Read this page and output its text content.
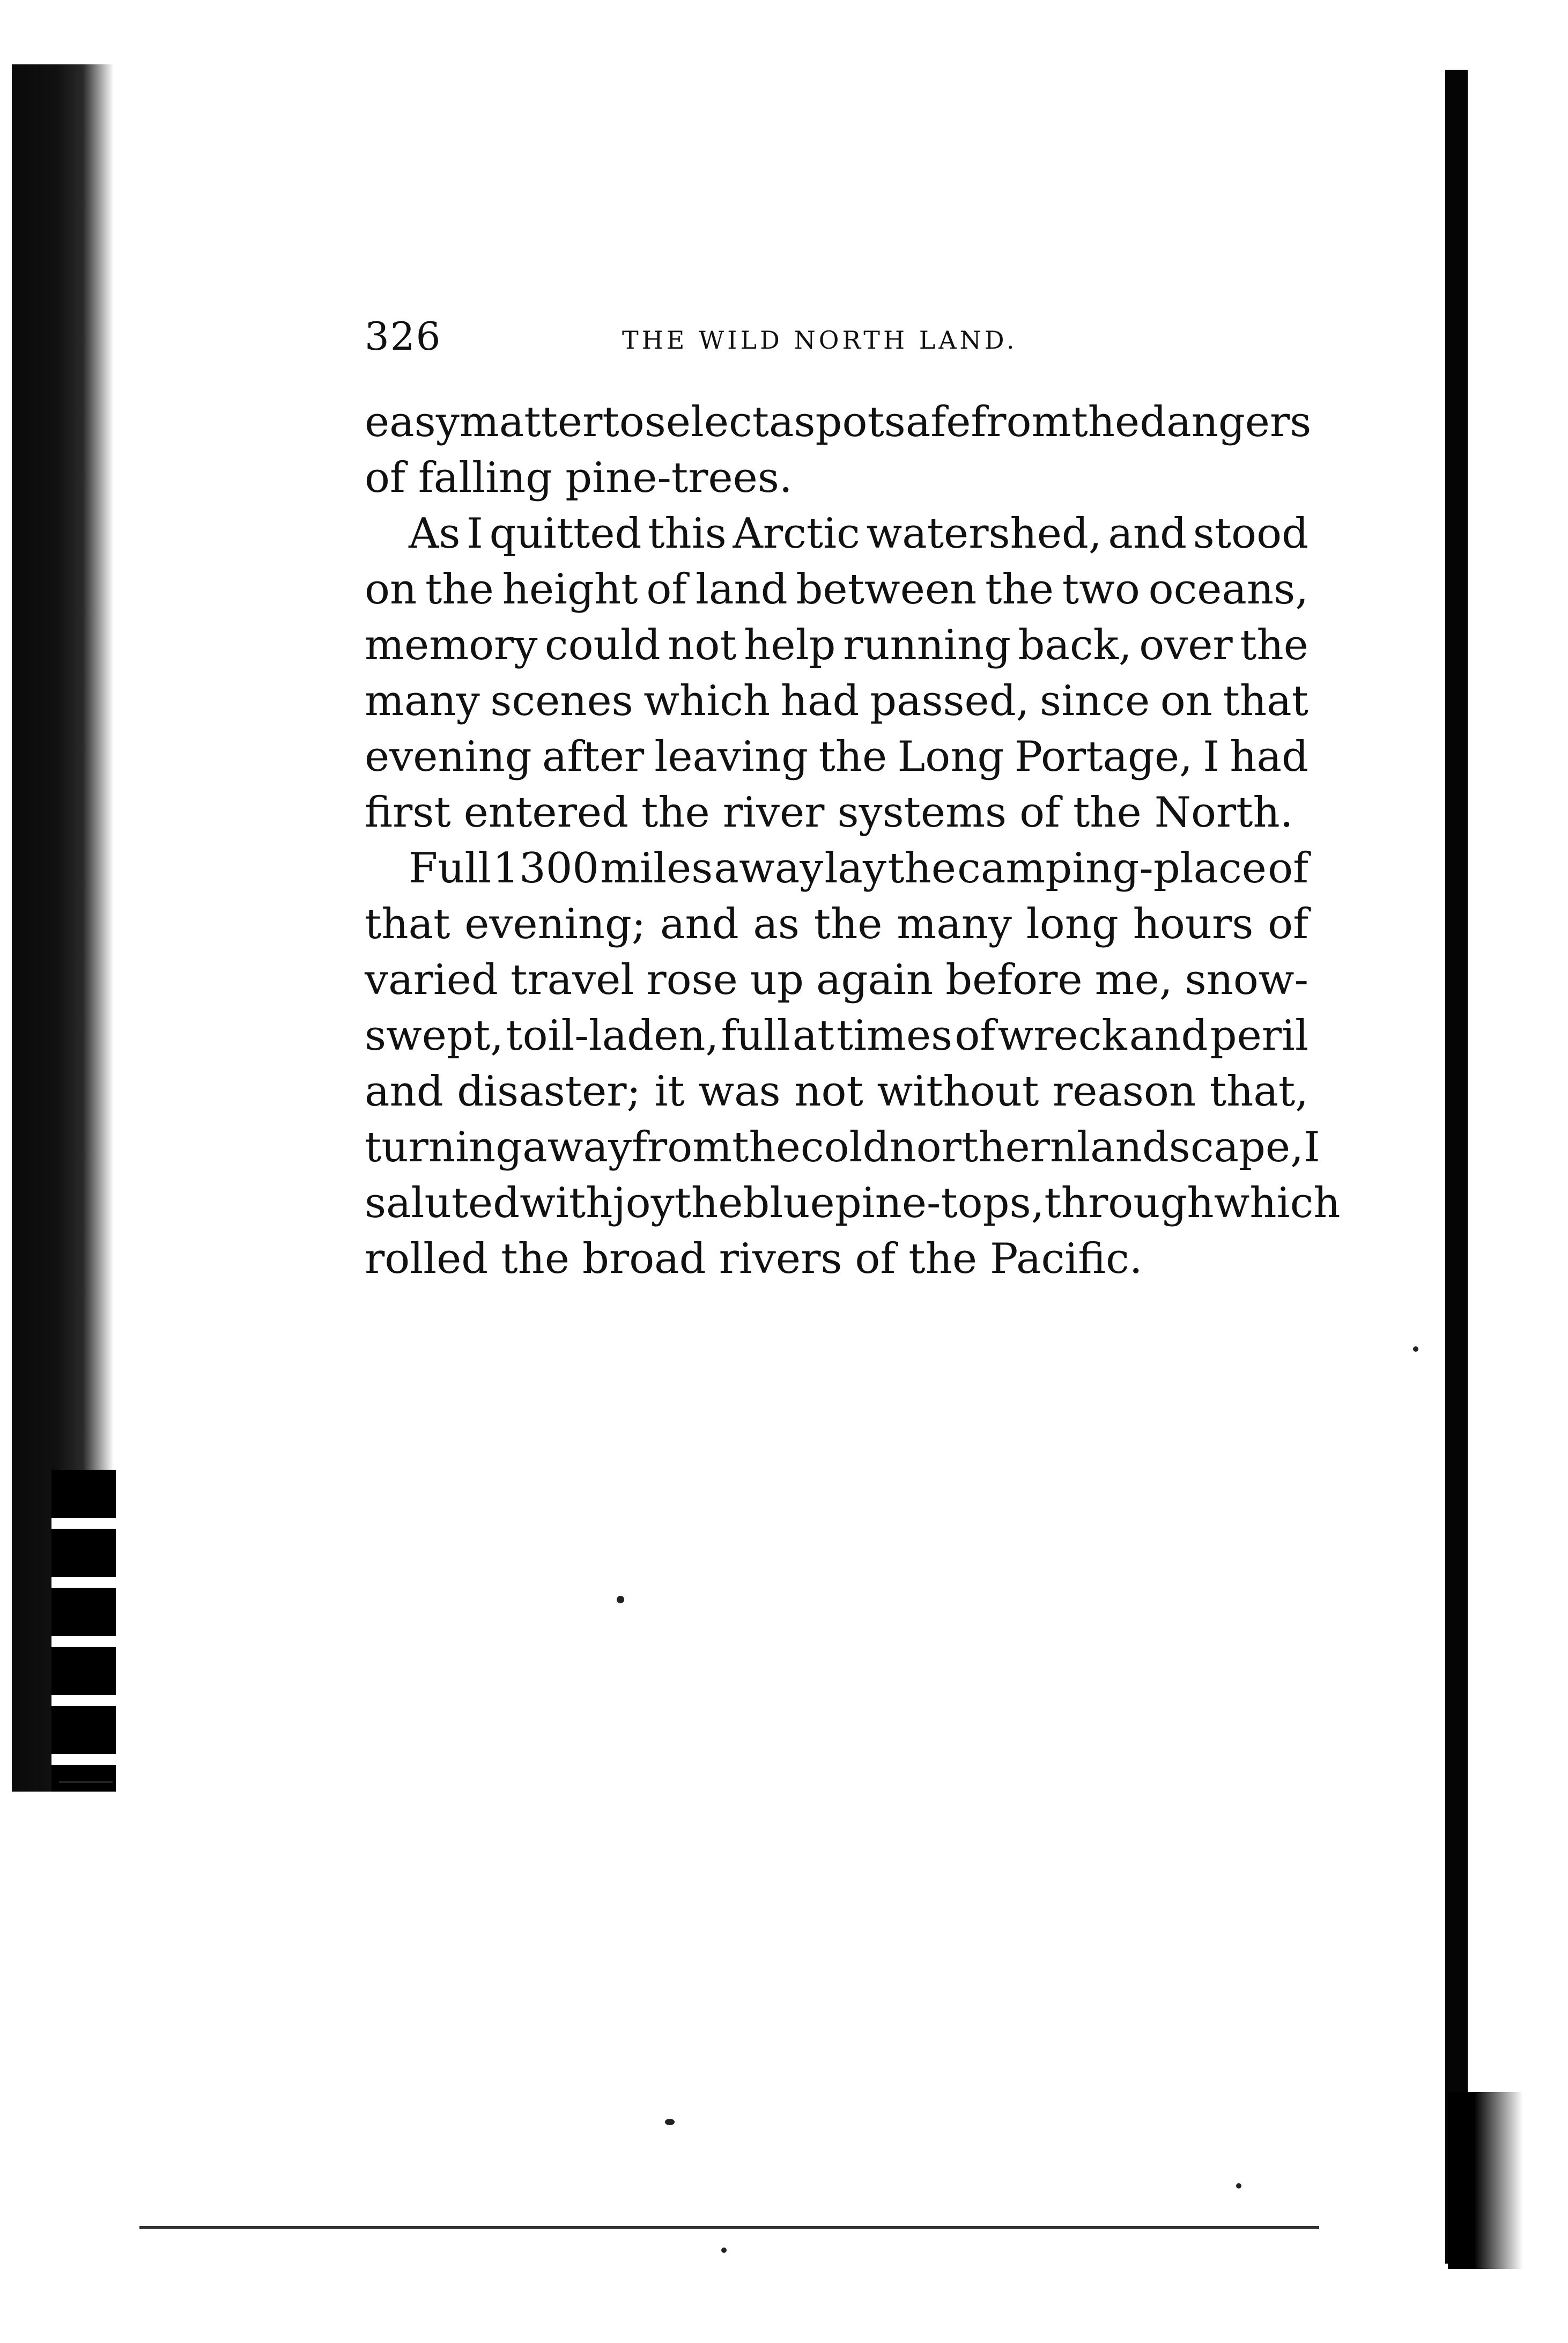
326	THE WILD NORTH LAND.
easy matter to select a spot safe from the dangers
of falling pine-trees.
As I quitted this Arctic watershed, and stood
on the height of land between the two oceans,
memory could not help running back, over the
many scenes which had passed, since on that
evening after leaving the Long Portage, I had
first entered the river systems of the North.
Full 1300 miles away lay the camping-place of
that evening; and as the many long hours of
varied travel rose up again before me, snow-
swept, toil-laden, full at times of wreck and peril
and disaster; it was not without reason that,
turning away from the cold northern landscape, I
saluted with joy the blue pine-tops, through which
rolled the broad rivers of the Pacific.
